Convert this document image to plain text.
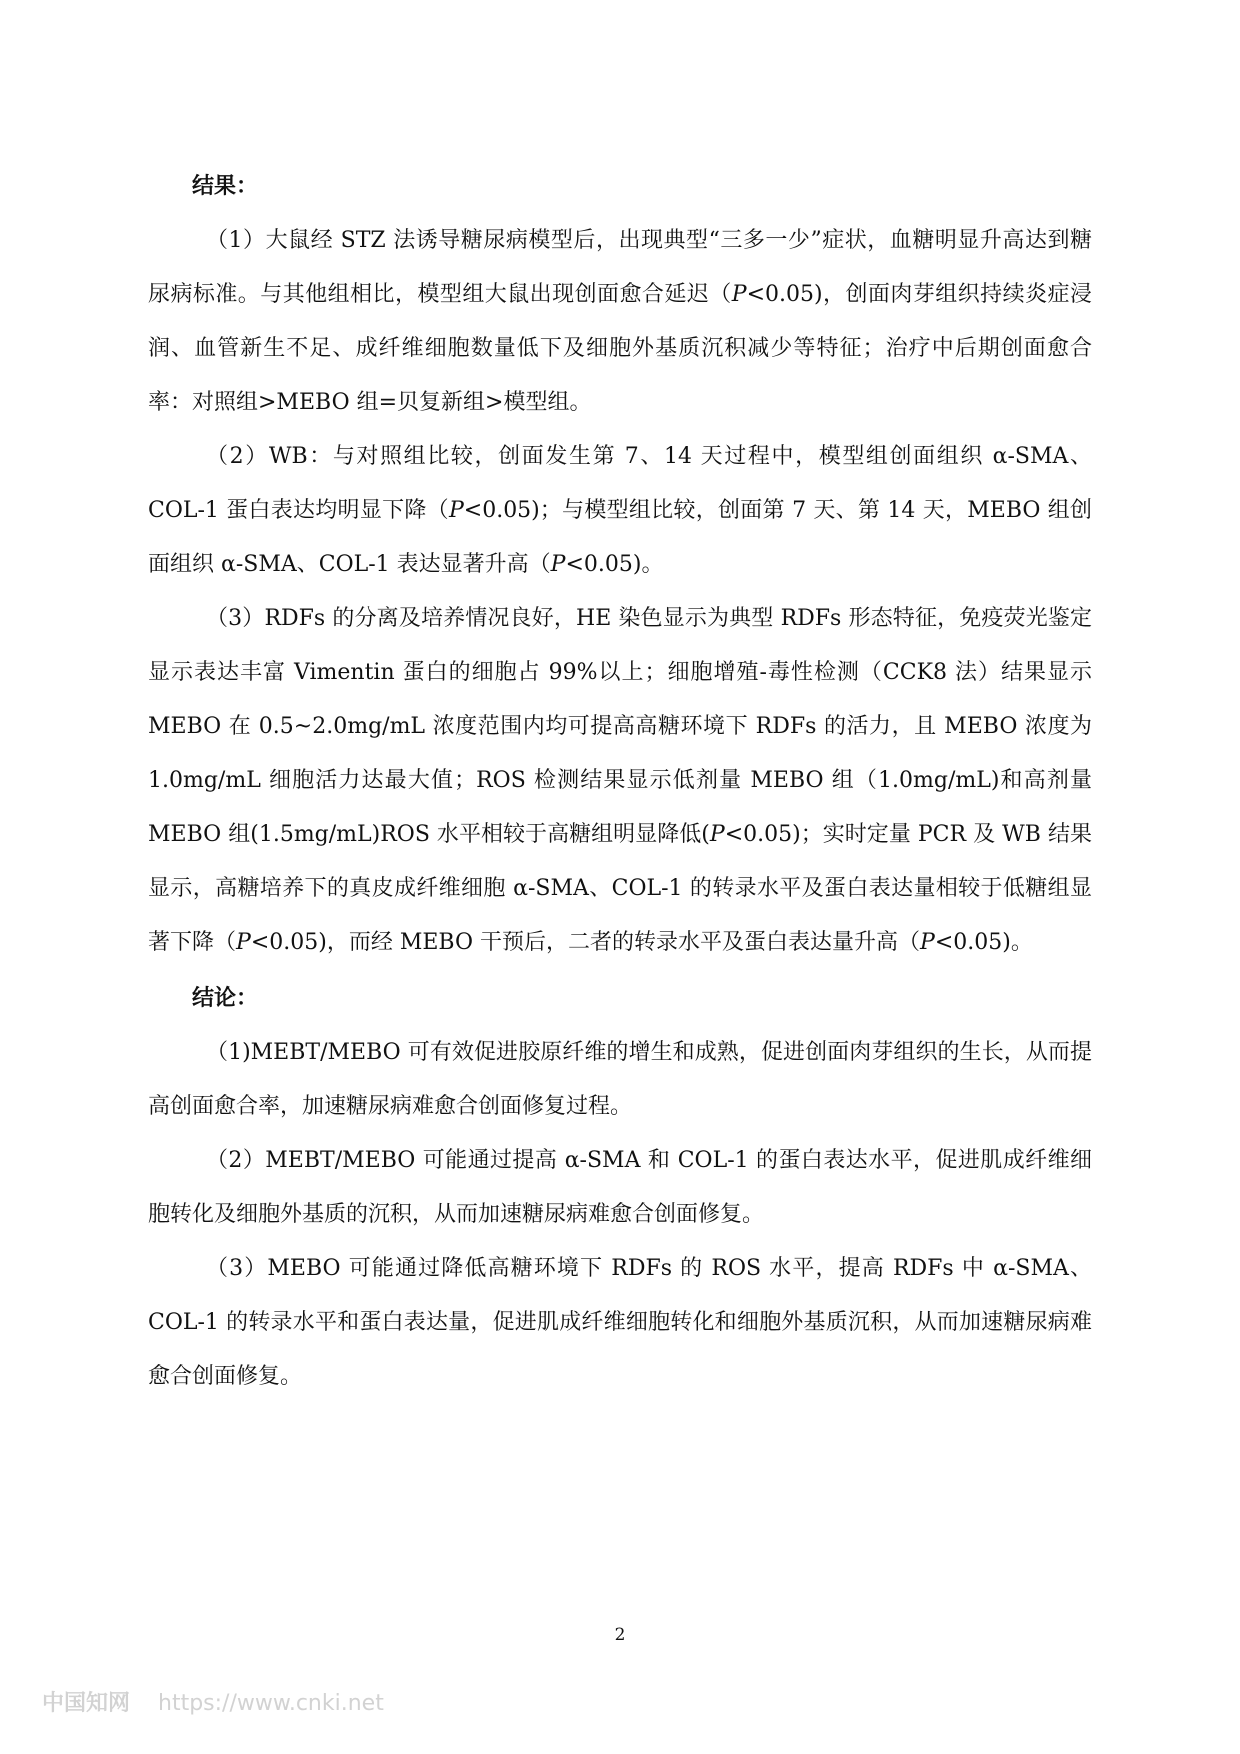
结果：

（1）大鼠经 STZ 法诱导糖尿病模型后，出现典型“三多一少”症状，血糖明显升高达到糖尿病标准。与其他组相比，模型组大鼠出现创面愈合延迟（P<0.05)，创面肉芽组织持续炎症浸润、血管新生不足、成纤维细胞数量低下及细胞外基质沉积减少等特征；治疗中后期创面愈合率：对照组>MEBO 组=贝复新组>模型组。

（2）WB：与对照组比较，创面发生第 7、14 天过程中，模型组创面组织 α-SMA、COL-1 蛋白表达均明显下降（P<0.05)；与模型组比较，创面第 7 天、第 14 天，MEBO 组创面组织 α-SMA、COL-1 表达显著升高（P<0.05)。

（3）RDFs 的分离及培养情况良好，HE 染色显示为典型 RDFs 形态特征，免疫荧光鉴定显示表达丰富 Vimentin 蛋白的细胞占 99%以上；细胞增殖-毒性检测（CCK8 法）结果显示 MEBO 在 0.5~2.0mg/mL 浓度范围内均可提高高糖环境下 RDFs 的活力，且 MEBO 浓度为 1.0mg/mL 细胞活力达最大值；ROS 检测结果显示低剂量 MEBO 组（1.0mg/mL)和高剂量 MEBO 组(1.5mg/mL)ROS 水平相较于高糖组明显降低(P<0.05)；实时定量 PCR 及 WB 结果显示，高糖培养下的真皮成纤维细胞 α-SMA、COL-1 的转录水平及蛋白表达量相较于低糖组显著下降（P<0.05)，而经 MEBO 干预后，二者的转录水平及蛋白表达量升高（P<0.05)。

结论：

（1)MEBT/MEBO 可有效促进胶原纤维的增生和成熟，促进创面肉芽组织的生长，从而提高创面愈合率，加速糖尿病难愈合创面修复过程。

（2）MEBT/MEBO 可能通过提高 α-SMA 和 COL-1 的蛋白表达水平，促进肌成纤维细胞转化及细胞外基质的沉积，从而加速糖尿病难愈合创面修复。

（3）MEBO 可能通过降低高糖环境下 RDFs 的 ROS 水平，提高 RDFs 中 α-SMA、COL-1 的转录水平和蛋白表达量，促进肌成纤维细胞转化和细胞外基质沉积，从而加速糖尿病难愈合创面修复。

2
中国知网 https://www.cnki.net
